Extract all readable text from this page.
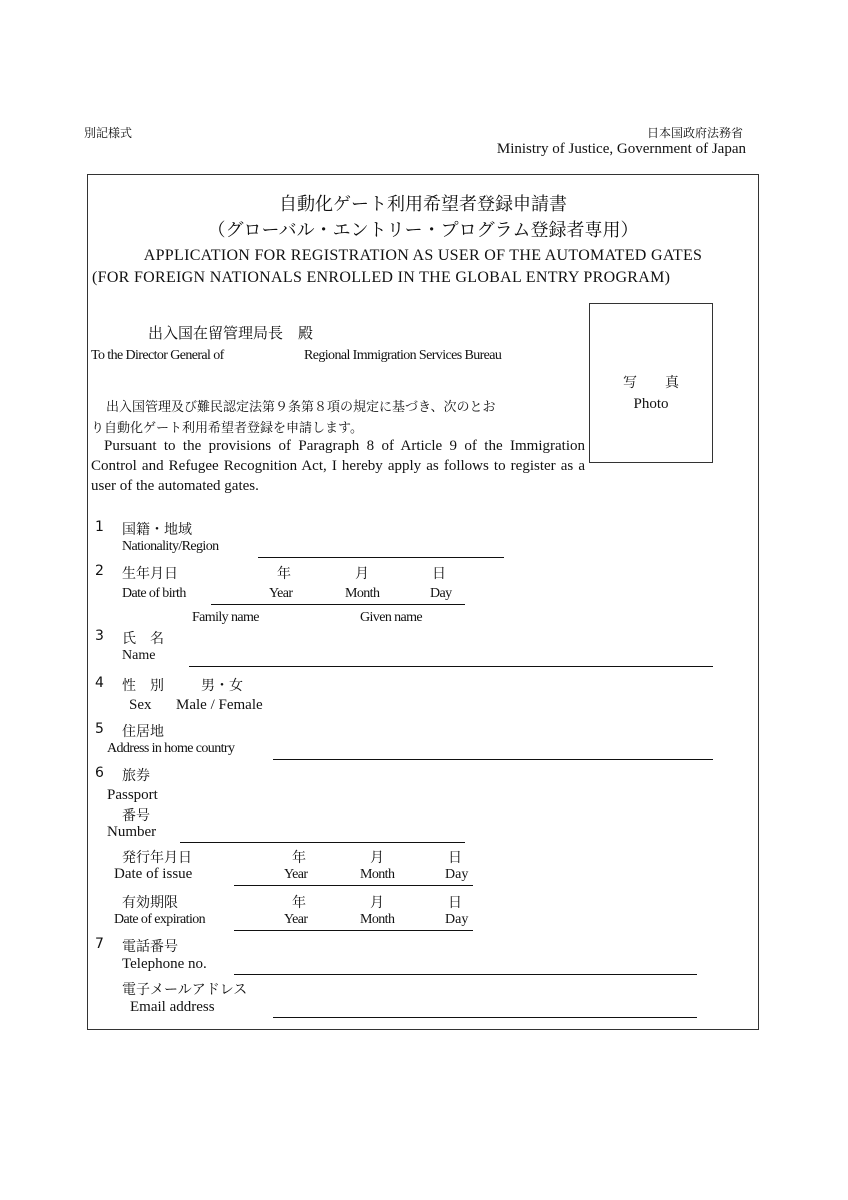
別記様式	日本国政府法務省
Ministry of Justice, Government of Japan
自動化ゲート利用希望者登録申請書
（グローバル・エントリー・プログラム登録者専用）
APPLICATION FOR REGISTRATION AS USER OF THE AUTOMATED GATES
(FOR FOREIGN NATIONALS ENROLLED IN THE GLOBAL ENTRY PROGRAM)
写　　真
Photo
出入国在留管理局長　殿
To the Director General of	Regional Immigration Services Bureau
出入国管理及び難民認定法第９条第８項の規定に基づき、次のとお
り自動化ゲート利用希望者登録を申請します。
Pursuant to the provisions of Paragraph 8 of Article 9 of the Immigration Control and Refugee Recognition Act, I hereby apply as follows to register as a user of the automated gates.
1 国籍・地域
Nationality/Region
2 生年月日	年	月	日
Date of birth	Year	Month	Day
Family name	Given name
3 氏　名
Name
4 性　別	男・女
Sex Male / Female
5 住居地
Address in home country
6 旅券
Passport
番号
Number
発行年月日	年	月	日
Date of issue	Year	Month	Day
有効期限	年	月	日
Date of expiration	Year	Month	Day
7 電話番号
Telephone no.
電子メールアドレス
Email address
